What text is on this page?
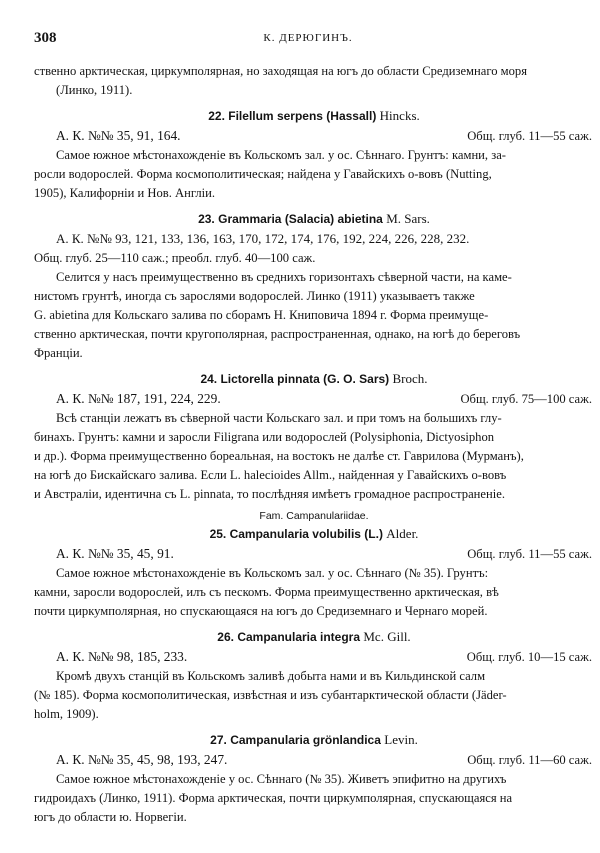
308	К. ДЕРЮГИНЪ.
ственно арктическая, циркумполярная, но заходящая на югъ до области Средиземнаго моря
(Линко, 1911).
22. Filellum serpens (Hassall) Hincks.
А. К. №№ 35, 91, 164.	Общ. глуб. 11—55 саж.
Самое южное мѣстонахожденіе въ Кольскомъ зал. у ос. Сѣннаго. Грунтъ: камни, за-
росли водорослей. Форма космополитическая; найдена у Гавайскихъ о-вовъ (Nutting,
1905), Калифорніи и Нов. Англіи.
23. Grammaria (Salacia) abietina M. Sars.
А. К. №№ 93, 121, 133, 136, 163, 170, 172, 174, 176, 192, 224, 226, 228, 232.
Общ. глуб. 25—110 саж.; преобл. глуб. 40—100 саж.
Селится у насъ преимущественно въ среднихъ горизонтахъ сѣверной части, на каме-
нистомъ грунтѣ, иногда съ зарослями водорослей. Линко (1911) указываетъ также
G. abietina для Кольскаго залива по сборамъ Н. Книповича 1894 г. Форма преимуще-
ственно арктическая, почти кругополярная, распространенная, однако, на югѣ до береговъ
Франціи.
24. Lictorella pinnata (G. O. Sars) Broch.
А. К. №№ 187, 191, 224, 229.	Общ. глуб. 75—100 саж.
Всѣ станціи лежатъ въ сѣверной части Кольскаго зал. и при томъ на большихъ глу-
бинахъ. Грунтъ: камни и заросли Filigrana или водорослей (Polysiphonia, Dictyosiphon
и др.). Форма преимущественно бореальная, на востокъ не далѣе ст. Гаврилова (Мурманъ),
на югѣ до Бискайскаго залива. Если L. halecioides Allm., найденная у Гавайскихъ о-вовъ
и Австраліи, идентична съ L. pinnata, то послѣдняя имѣетъ громадное распространеніе.
Fam. Campanulariidae.
25. Campanularia volubilis (L.) Alder.
А. К. №№ 35, 45, 91.	Общ. глуб. 11—55 саж.
Самое южное мѣстонахожденіе въ Кольскомъ зал. у ос. Сѣннаго (№ 35). Грунтъ:
камни, заросли водорослей, илъ съ пескомъ. Форма преимущественно арктическая, вѣ
почти циркумполярная, но спускающаяся на югъ до Средиземнаго и Чернаго морей.
26. Campanularia integra Mc. Gill.
А. К. №№ 98, 185, 233.	Общ. глуб. 10—15 саж.
Кромѣ двухъ станцій въ Кольскомъ заливѣ добыта нами и въ Кильдинской салм
(№ 185). Форма космополитическая, извѣстная и изъ субантарктической области (Jäder-
holm, 1909).
27. Campanularia grönlandica Levin.
А. К. №№ 35, 45, 98, 193, 247.	Общ. глуб. 11—60 саж.
Самое южное мѣстонахожденіе у ос. Сѣннаго (№ 35). Живетъ эпифитно на другихъ
гидроидахъ (Линко, 1911). Форма арктическая, почти циркумполярная, спускающаяся на
югъ до области ю. Норвегіи.
